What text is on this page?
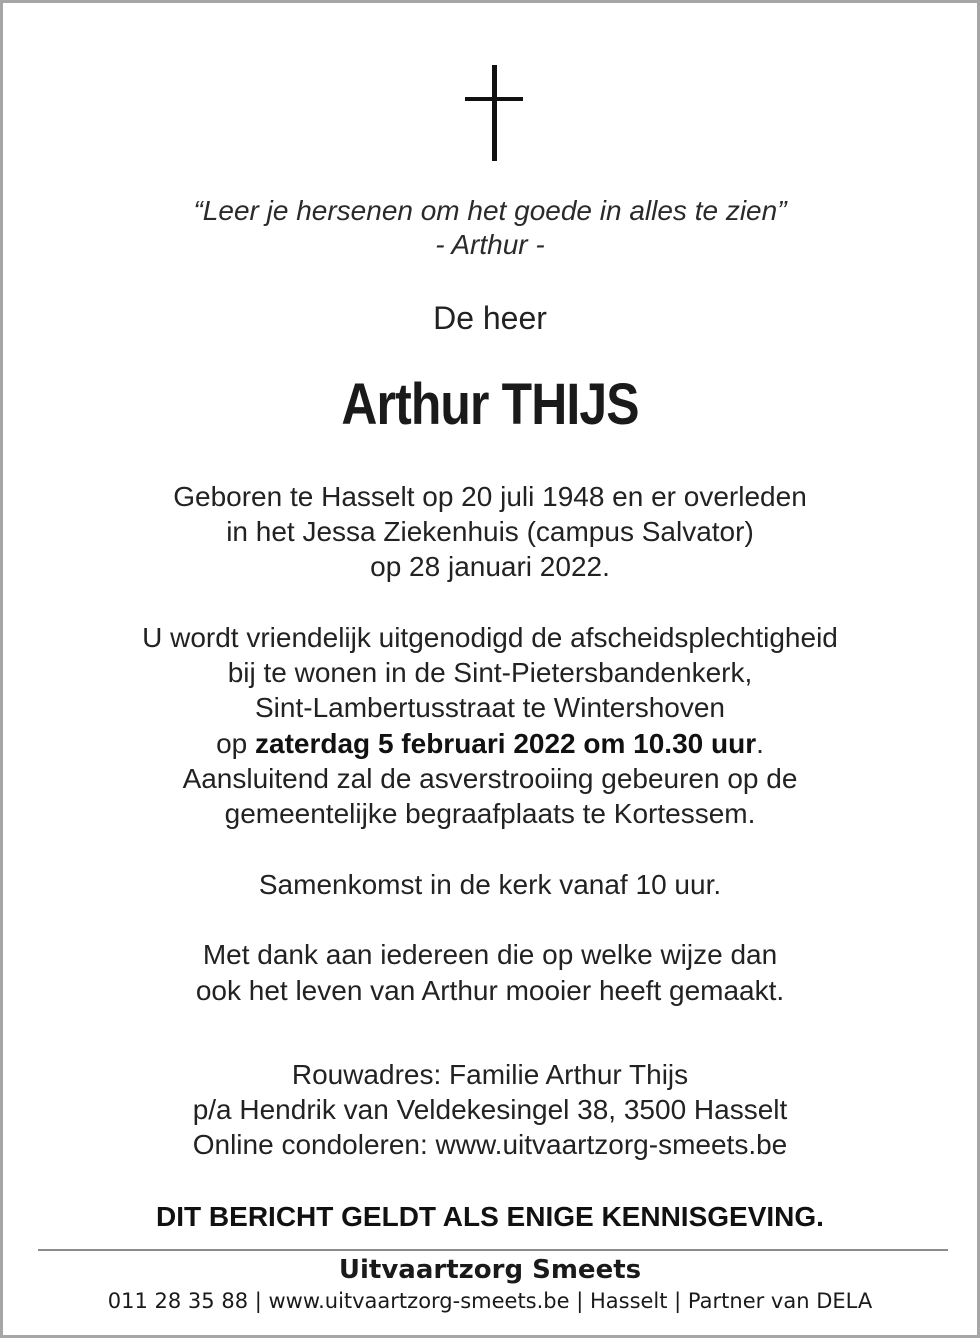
“Leer je hersenen om het goede in alles te zien”
- Arthur -
De heer
Arthur THIJS
Geboren te Hasselt op 20 juli 1948 en er overleden
in het Jessa Ziekenhuis (campus Salvator)
op 28 januari 2022.
U wordt vriendelijk uitgenodigd de afscheidsplechtigheid
bij te wonen in de Sint-Pietersbandenkerk,
Sint-Lambertusstraat te Wintershoven
op zaterdag 5 februari 2022 om 10.30 uur.
Aansluitend zal de asverstrooiing gebeuren op de
gemeentelijke begraafplaats te Kortessem.
Samenkomst in de kerk vanaf 10 uur.
Met dank aan iedereen die op welke wijze dan
ook het leven van Arthur mooier heeft gemaakt.
Rouwadres: Familie Arthur Thijs
p/a Hendrik van Veldekesingel 38, 3500 Hasselt
Online condoleren: www.uitvaartzorg-smeets.be
DIT BERICHT GELDT ALS ENIGE KENNISGEVING.
Uitvaartzorg Smeets
011 28 35 88 | www.uitvaartzorg-smeets.be | Hasselt | Partner van DELA
